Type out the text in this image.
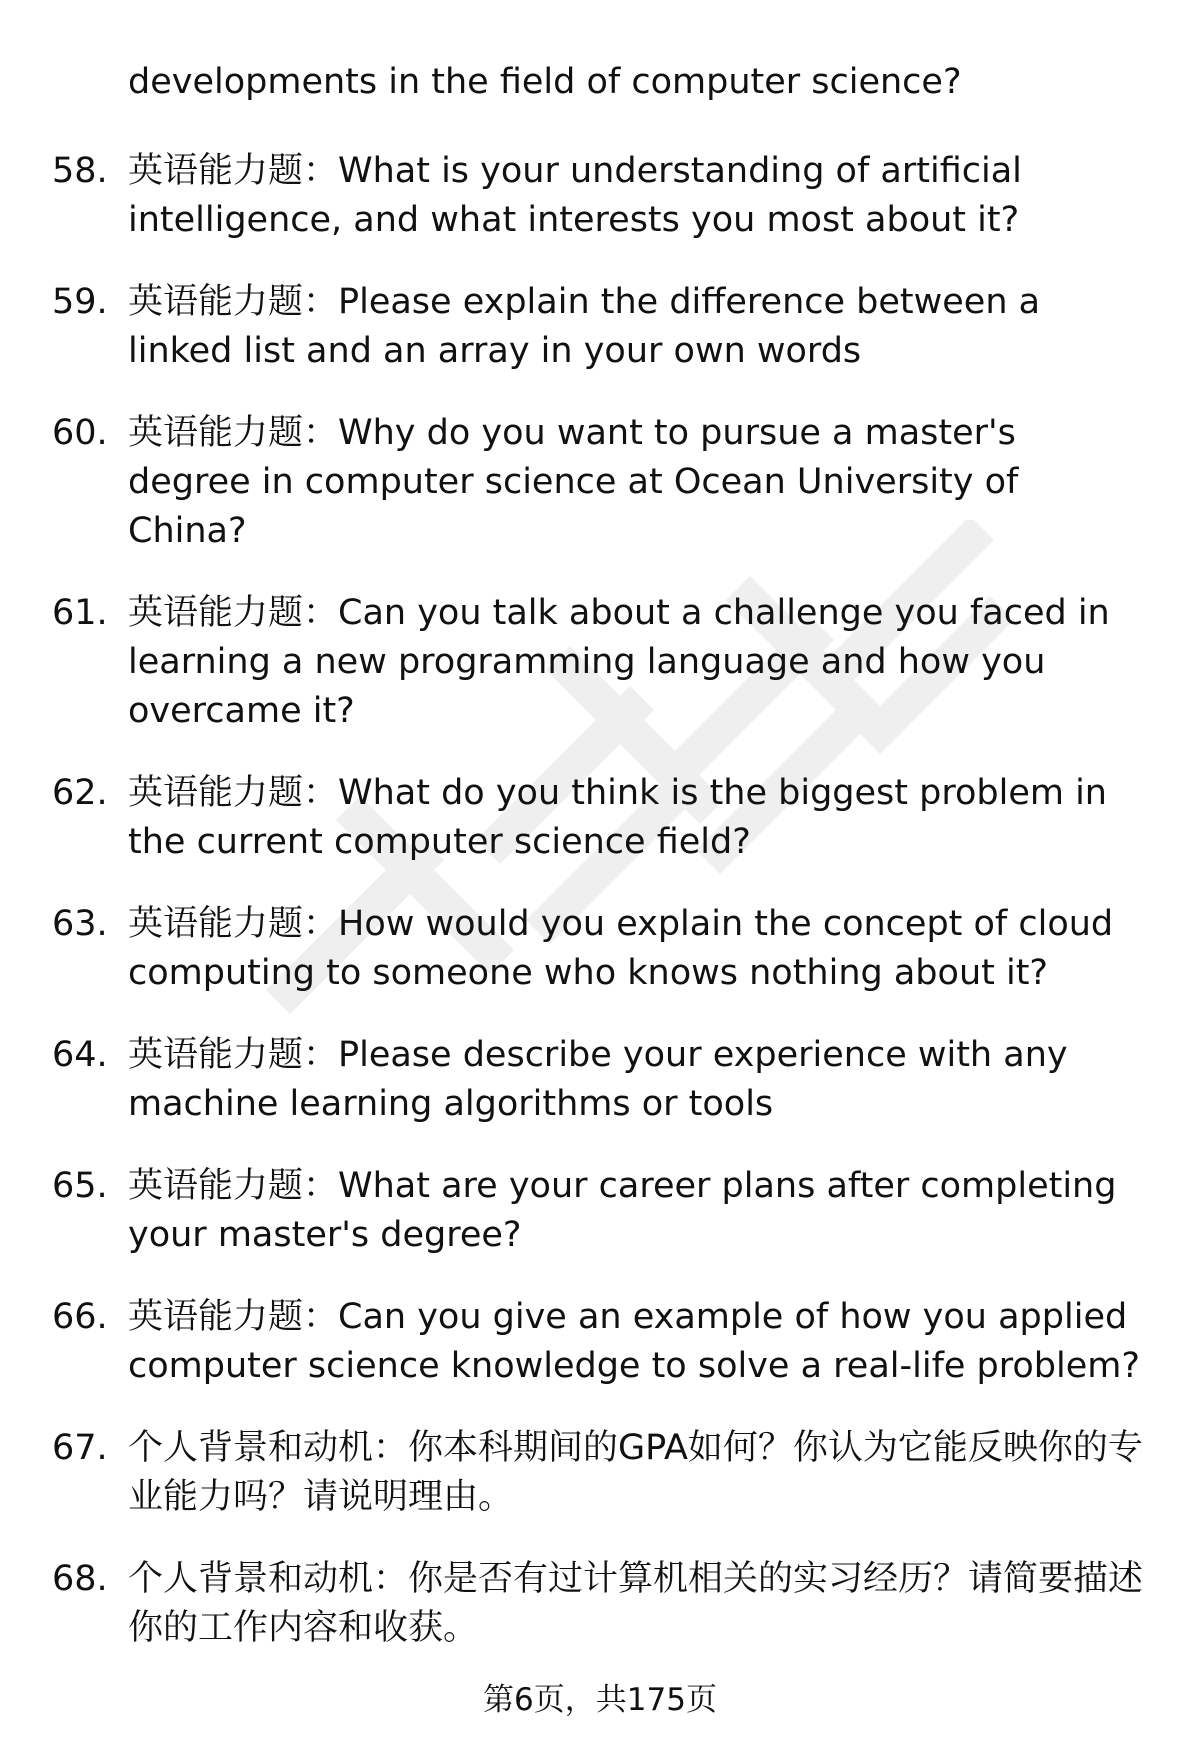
developments in the field of computer science?
58. 英语能力题：What is your understanding of artificial intelligence, and what interests you most about it?
59. 英语能力题：Please explain the difference between a linked list and an array in your own words
60. 英语能力题：Why do you want to pursue a master's degree in computer science at Ocean University of China?
61. 英语能力题：Can you talk about a challenge you faced in learning a new programming language and how you overcame it?
62. 英语能力题：What do you think is the biggest problem in the current computer science field?
63. 英语能力题：How would you explain the concept of cloud computing to someone who knows nothing about it?
64. 英语能力题：Please describe your experience with any machine learning algorithms or tools
65. 英语能力题：What are your career plans after completing your master's degree?
66. 英语能力题：Can you give an example of how you applied computer science knowledge to solve a real-life problem?
67. 个人背景和动机：你本科期间的GPA如何？你认为它能反映你的专业能力吗？请说明理由。
68. 个人背景和动机：你是否有过计算机相关的实习经历？请简要描述你的工作内容和收获。
第6页，共175页
